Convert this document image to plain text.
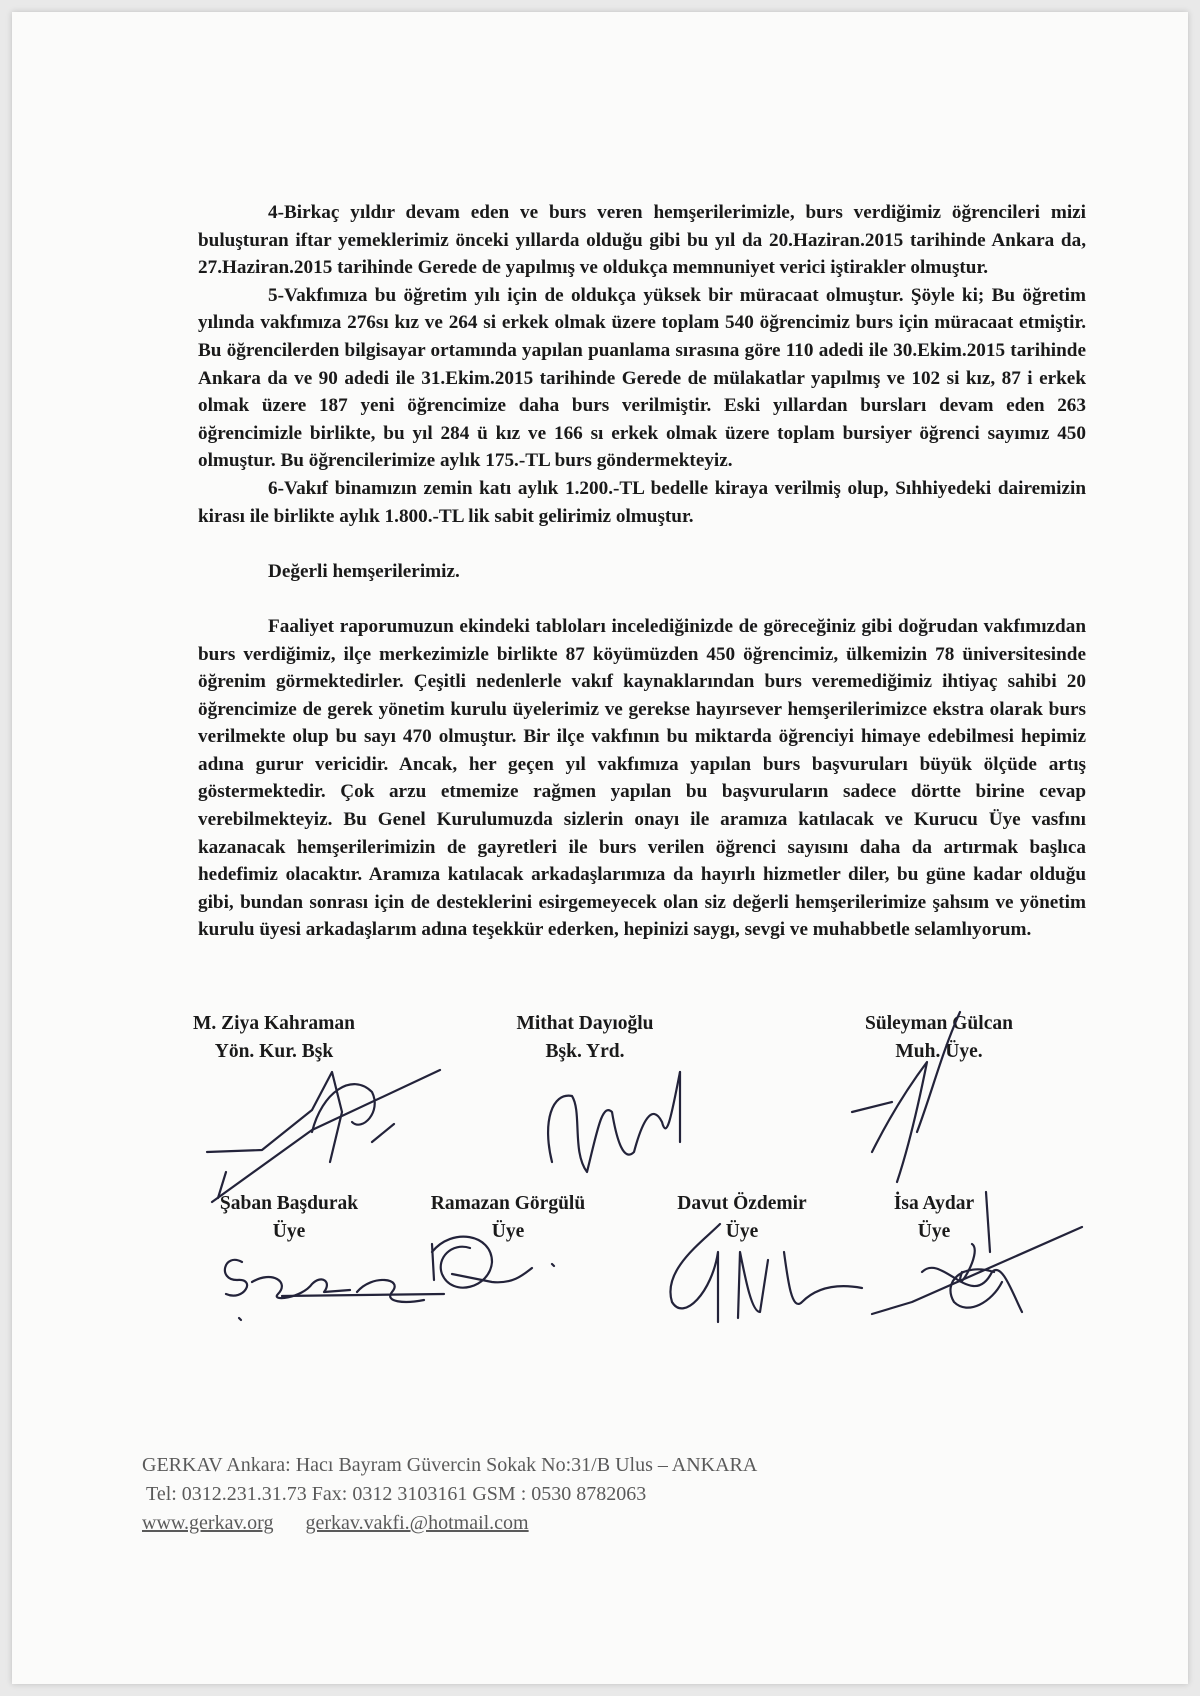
4-Birkaç yıldır devam eden ve burs veren hemşerilerimizle, burs verdiğimiz öğrencileri mizi buluşturan iftar yemeklerimiz önceki yıllarda olduğu gibi bu yıl da 20.Haziran.2015 tarihinde Ankara da, 27.Haziran.2015 tarihinde Gerede de yapılmış ve oldukça memnuniyet verici iştirakler olmuştur.

5-Vakfımıza bu öğretim yılı için de oldukça yüksek bir müracaat olmuştur. Şöyle ki; Bu öğretim yılında vakfımıza 276sı kız ve 264 si erkek olmak üzere toplam 540 öğrencimiz burs için müracaat etmiştir. Bu öğrencilerden bilgisayar ortamında yapılan puanlama sırasına göre 110 adedi ile 30.Ekim.2015 tarihinde Ankara da ve 90 adedi ile 31.Ekim.2015 tarihinde Gerede de mülakatlar yapılmış ve 102 si kız, 87 i erkek olmak üzere 187 yeni öğrencimize daha burs verilmiştir. Eski yıllardan bursları devam eden 263 öğrencimizle birlikte, bu yıl 284 ü kız ve 166 sı erkek olmak üzere toplam bursiyer öğrenci sayımız 450 olmuştur. Bu öğrencilerimize aylık 175.-TL burs göndermekteyiz.

6-Vakıf binamızın zemin katı aylık 1.200.-TL bedelle kiraya verilmiş olup, Sıhhiyedeki dairemizin kirası ile birlikte aylık 1.800.-TL lik sabit gelirimiz olmuştur.

Değerli hemşerilerimiz.

Faaliyet raporumuzun ekindeki tabloları incelediğinizde de göreceğiniz gibi doğrudan vakfımızdan burs verdiğimiz, ilçe merkezimizle birlikte 87 köyümüzden 450 öğrencimiz, ülkemizin 78 üniversitesinde öğrenim görmektedirler. Çeşitli nedenlerle vakıf kaynaklarından burs veremediğimiz ihtiyaç sahibi 20 öğrencimize de gerek yönetim kurulu üyelerimiz ve gerekse hayırsever hemşerilerimizce ekstra olarak burs verilmekte olup bu sayı 470 olmuştur. Bir ilçe vakfının bu miktarda öğrenciyi himaye edebilmesi hepimiz adına gurur vericidir. Ancak, her geçen yıl vakfımıza yapılan burs başvuruları büyük ölçüde artış göstermektedir. Çok arzu etmemize rağmen yapılan bu başvuruların sadece dörtte birine cevap verebilmekteyiz. Bu Genel Kurulumuzda sizlerin onayı ile aramıza katılacak ve Kurucu Üye vasfını kazanacak hemşerilerimizin de gayretleri ile burs verilen öğrenci sayısını daha da artırmak başlıca hedefimiz olacaktır. Aramıza katılacak arkadaşlarımıza da hayırlı hizmetler diler, bu güne kadar olduğu gibi, bundan sonrası için de desteklerini esirgemeyecek olan siz değerli hemşerilerimize şahsım ve yönetim kurulu üyesi arkadaşlarım adına teşekkür ederken, hepinizi saygı, sevgi ve muhabbetle selamlıyorum.

M. Ziya Kahraman
Yön. Kur. Bşk
Mithat Dayıoğlu
Bşk. Yrd.
Süleyman Gülcan
Muh. Üye.
Şaban Başdurak
Üye
Ramazan Görgülü
Üye
Davut Özdemir
Üye
İsa Aydar
Üye
GERKAV Ankara: Hacı Bayram Güvercin Sokak No:31/B Ulus – ANKARA
Tel: 0312.231.31.73 Fax: 0312 3103161 GSM : 0530 8782063
www.gerkav.org gerkav.vakfi.@hotmail.com
